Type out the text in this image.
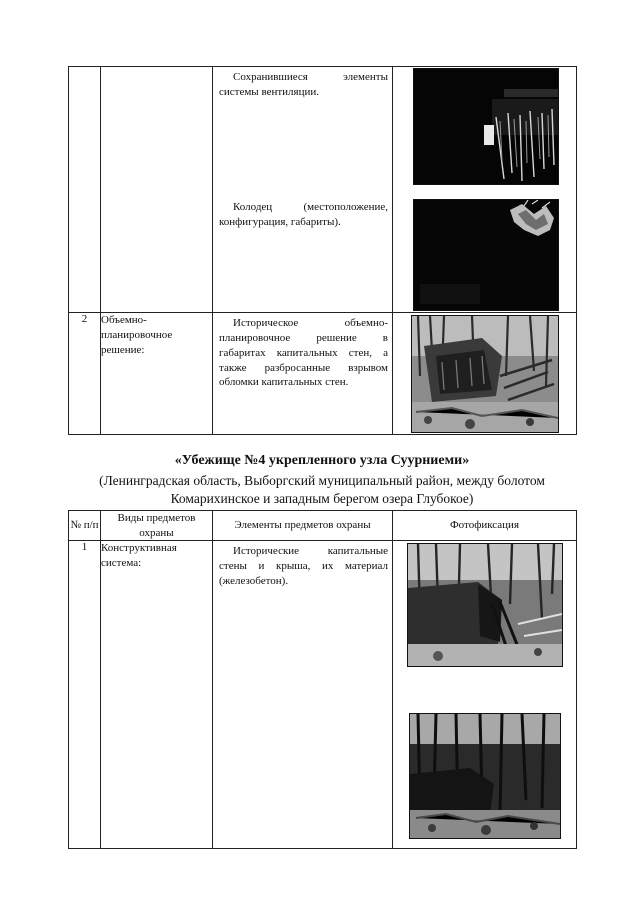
		Сохранившиеся элементы системы вентиляции.
Колодец (местоположение, конфигурация, габариты).

2	Объемно-планировочное решение:	Историческое объемно-планировочное решение в габаритах капитальных стен, а также разбросанные взрывом обломки капитальных стен.

«Убежище №4 укрепленного узла Суурниеми»
(Ленинградская область, Выборгский муниципальный район, между болотом
Комарихинское и западным берегом озера Глубокое)
№ п/п	Виды предметов охраны	Элементы предметов охраны	Фотофиксация
1	Конструктивная система:	Исторические капитальные стены и крыша, их материал (железобетон).
